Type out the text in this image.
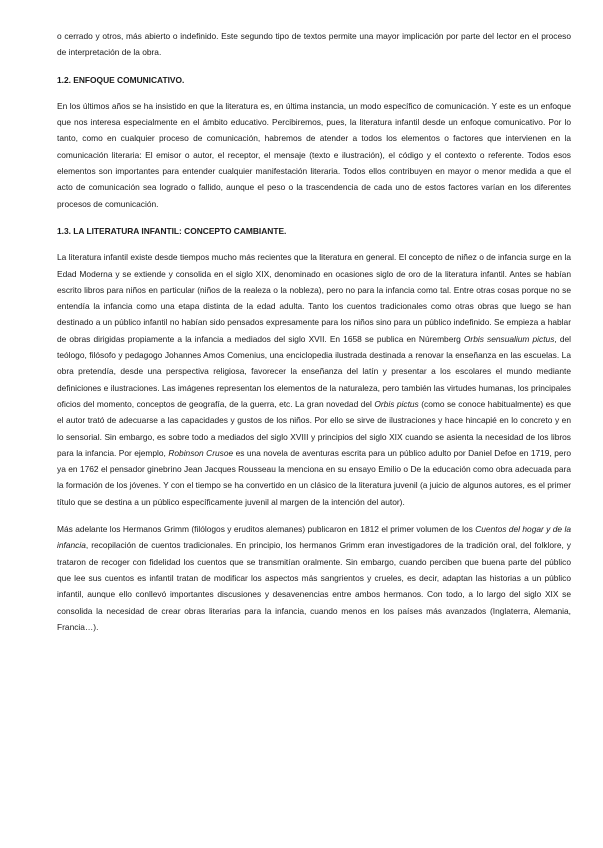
o cerrado y otros, más abierto o indefinido. Este segundo tipo de textos permite una mayor implicación por parte del lector en el proceso de interpretación de la obra.

1.2. ENFOQUE COMUNICATIVO.

En los últimos años se ha insistido en que la literatura es, en última instancia, un modo específico de comunicación. Y este es un enfoque que nos interesa especialmente en el ámbito educativo. Percibiremos, pues, la literatura infantil desde un enfoque comunicativo. Por lo tanto, como en cualquier proceso de comunicación, habremos de atender a todos los elementos o factores que intervienen en la comunicación literaria: El emisor o autor, el receptor, el mensaje (texto e ilustración), el código y el contexto o referente. Todos esos elementos son importantes para entender cualquier manifestación literaria. Todos ellos contribuyen en mayor o menor medida a que el acto de comunicación sea logrado o fallido, aunque el peso o la trascendencia de cada uno de estos factores varían en los diferentes procesos de comunicación.

1.3. LA LITERATURA INFANTIL: CONCEPTO CAMBIANTE.

La literatura infantil existe desde tiempos mucho más recientes que la literatura en general. El concepto de niñez o de infancia surge en la Edad Moderna y se extiende y consolida en el siglo XIX, denominado en ocasiones siglo de oro de la literatura infantil. Antes se habían escrito libros para niños en particular (niños de la realeza o la nobleza), pero no para la infancia como tal. Entre otras cosas porque no se entendía la infancia como una etapa distinta de la edad adulta. Tanto los cuentos tradicionales como otras obras que luego se han destinado a un público infantil no habían sido pensados expresamente para los niños sino para un público indefinido. Se empieza a hablar de obras dirigidas propiamente a la infancia a mediados del siglo XVII. En 1658 se publica en Núremberg Orbis sensualium pictus, del teólogo, filósofo y pedagogo Johannes Amos Comenius, una enciclopedia ilustrada destinada a renovar la enseñanza en las escuelas. La obra pretendía, desde una perspectiva religiosa, favorecer la enseñanza del latín y presentar a los escolares el mundo mediante definiciones e ilustraciones. Las imágenes representan los elementos de la naturaleza, pero también las virtudes humanas, los principales oficios del momento, conceptos de geografía, de la guerra, etc. La gran novedad del Orbis pictus (como se conoce habitualmente) es que el autor trató de adecuarse a las capacidades y gustos de los niños. Por ello se sirve de ilustraciones y hace hincapié en lo concreto y en lo sensorial. Sin embargo, es sobre todo a mediados del siglo XVIII y principios del siglo XIX cuando se asienta la necesidad de los libros para la infancia. Por ejemplo, Robinson Crusoe es una novela de aventuras escrita para un público adulto por Daniel Defoe en 1719, pero ya en 1762 el pensador ginebrino Jean Jacques Rousseau la menciona en su ensayo Emilio o De la educación como obra adecuada para la formación de los jóvenes. Y con el tiempo se ha convertido en un clásico de la literatura juvenil (a juicio de algunos autores, es el primer título que se destina a un público específicamente juvenil al margen de la intención del autor).

Más adelante los Hermanos Grimm (filólogos y eruditos alemanes) publicaron en 1812 el primer volumen de los Cuentos del hogar y de la infancia, recopilación de cuentos tradicionales. En principio, los hermanos Grimm eran investigadores de la tradición oral, del folklore, y trataron de recoger con fidelidad los cuentos que se transmitían oralmente. Sin embargo, cuando perciben que buena parte del público que lee sus cuentos es infantil tratan de modificar los aspectos más sangrientos y crueles, es decir, adaptan las historias a un público infantil, aunque ello conllevó importantes discusiones y desavenencias entre ambos hermanos. Con todo, a lo largo del siglo XIX se consolida la necesidad de crear obras literarias para la infancia, cuando menos en los países más avanzados (Inglaterra, Alemania, Francia…).
